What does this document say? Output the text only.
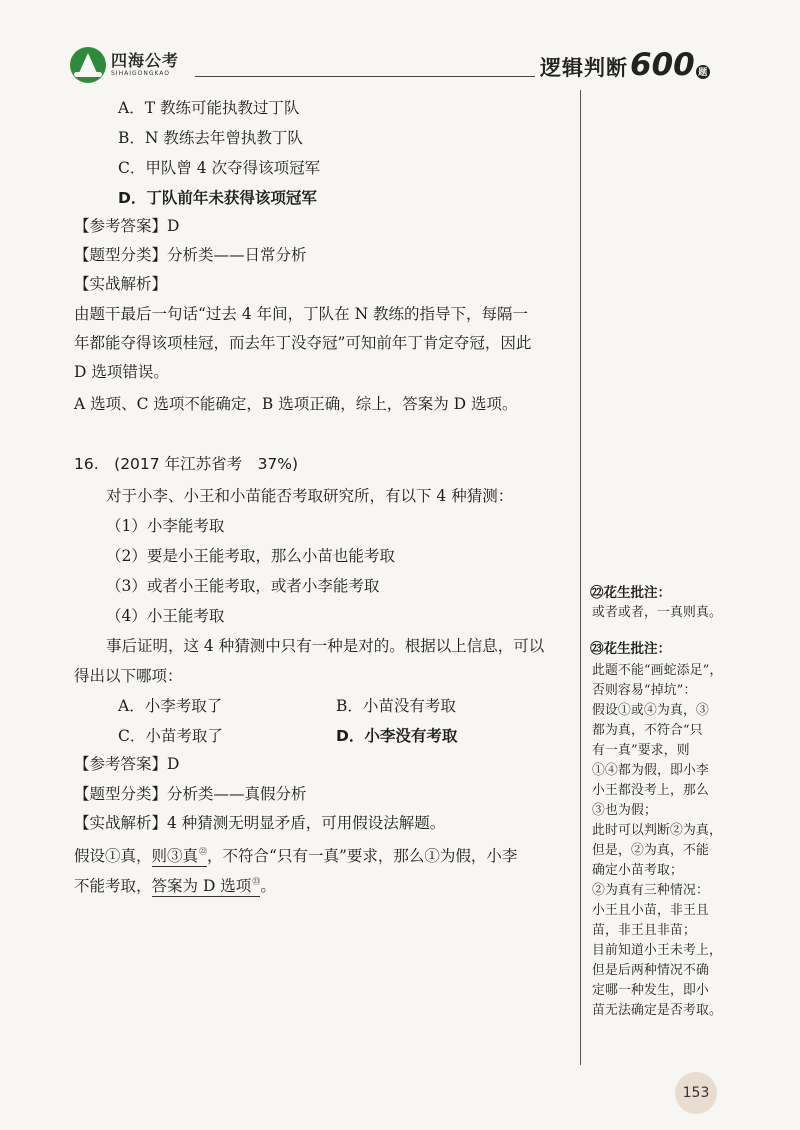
四海公考
SIHAIGONGKAO	逻辑判断 600 题
A．T 教练可能执教过丁队
B．N 教练去年曾执教丁队
C．甲队曾 4 次夺得该项冠军
D．丁队前年未获得该项冠军
【参考答案】D
【题型分类】分析类——日常分析
【实战解析】
由题干最后一句话“过去 4 年间，丁队在 N 教练的指导下，每隔一
年都能夺得该项桂冠，而去年丁没夺冠”可知前年丁肯定夺冠，因此
D 选项错误。
A 选项、C 选项不能确定，B 选项正确，综上，答案为 D 选项。
16.　(2017 年江苏省考　37%)
对于小李、小王和小苗能否考取研究所，有以下 4 种猜测：
（1）小李能考取
（2）要是小王能考取，那么小苗也能考取
（3）或者小王能考取，或者小李能考取
（4）小王能考取
事后证明，这 4 种猜测中只有一种是对的。根据以上信息，可以
得出以下哪项：
A．小李考取了	B．小苗没有考取
C．小苗考取了	D．小李没有考取
【参考答案】D
【题型分类】分析类——真假分析
【实战解析】4 种猜测无明显矛盾，可用假设法解题。
假设①真，则③真$^㉒$，不符合“只有一真”要求，那么①为假，小李
不能考取，答案为 D 选项$^㉓$。
㉒花生批注：
或者或者，一真则真。
㉓花生批注：
此题不能“画蛇添足”，
否则容易“掉坑”：
假设①或④为真，③
都为真，不符合“只
有一真”要求，则
①④都为假，即小李
小王都没考上，那么
③也为假；
此时可以判断②为真，
但是，②为真，不能
确定小苗考取；
②为真有三种情况：
小王且小苗，非王且
苗，非王且非苗；
目前知道小王未考上，
但是后两种情况不确
定哪一种发生，即小
苗无法确定是否考取。
153
